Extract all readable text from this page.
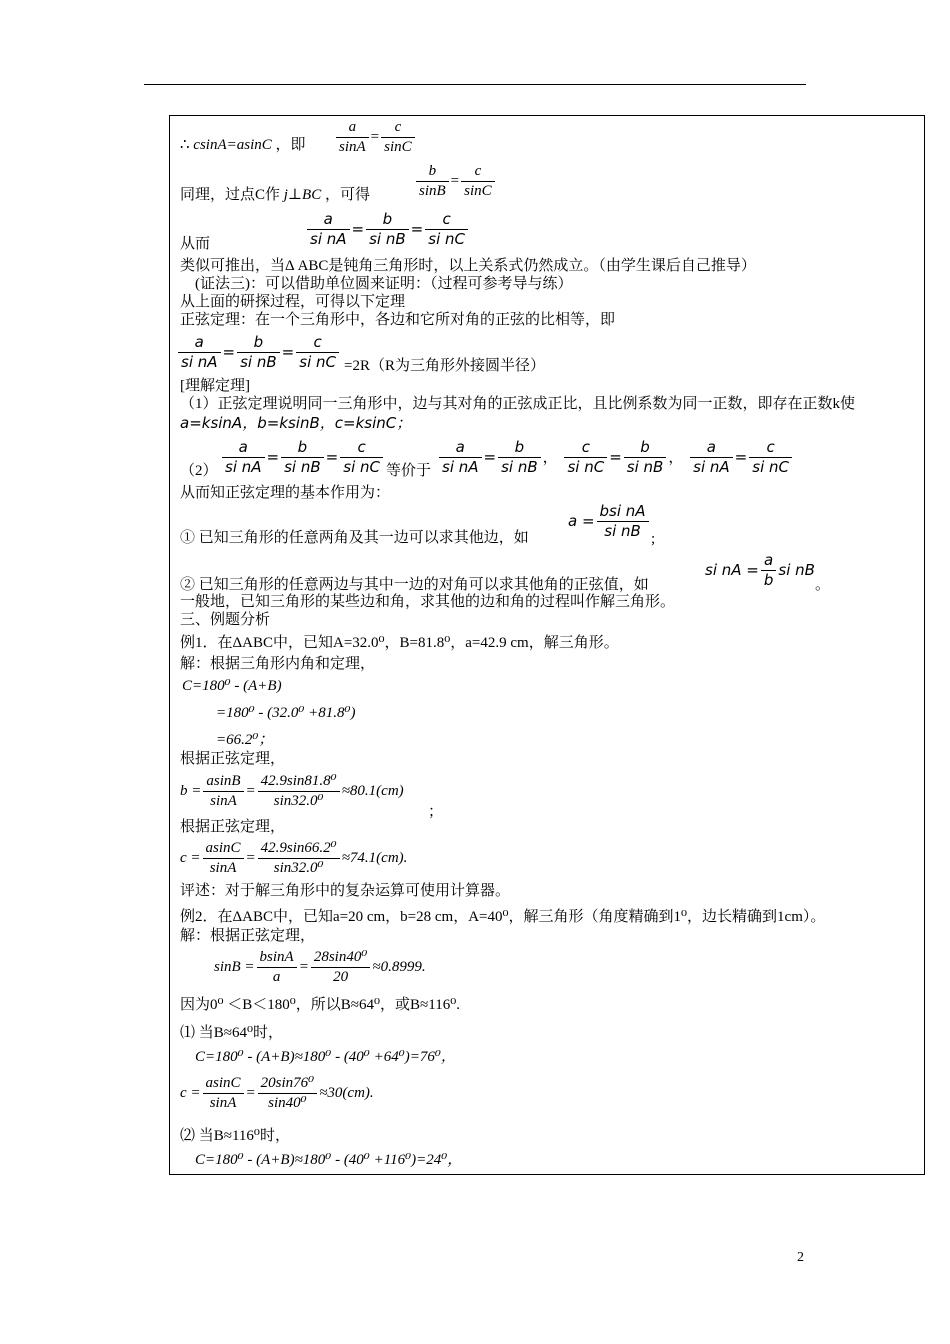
∴ csinA=asinC ，即 $\frac{a}{\sin A} = \frac{c}{\sin C}$
同理，过点C作 j⊥BC ，可得	$\frac{b}{\sin B} = \frac{c}{\sin C}$
从而	$\frac{a}{\text{si nA}} = \frac{b}{\text{si nB}} = \frac{c}{\text{si nC}}$
类似可推出，当Δ ABC是钝角三角形时，以上关系式仍然成立。（由学生课后自己推导）
(证法三)：可以借助单位圆来证明：（过程可参考导与练）
从上面的研探过程，可得以下定理
正弦定理：在一个三角形中，各边和它所对角的正弦的比相等，即
$\frac{a}{\text{si nA}} = \frac{b}{\text{si nB}} = \frac{c}{\text{si nC}} =2R(R$为三角形外接圆半径）
[理解定理]
（1）正弦定理说明同一三角形中，边与其对角的正弦成正比，且比例系数为同一正数，即存在正数k使
a=ksinA，b=ksinB，c=ksinC；
$(2) \frac{a}{\text{si nA}} = \frac{b}{\text{si nB}} = \frac{c}{\text{si nC}}$ 等价于 $\frac{a}{\text{si nA}} = \frac{b}{\text{si nB}}$ ， $\frac{c}{\text{si nC}} = \frac{b}{\text{si nB}}$ ， $\frac{a}{\text{si nA}} = \frac{c}{\text{si nC}}$
从而知正弦定理的基本作用为：
① 已知三角形的任意两角及其一边可以求其他边，如
$a = \frac{\text{bsi nA}}{\text{si nB}}$ ;
② 已知三角形的任意两边与其中一边的对角可以求其他角的正弦值，如
si nA = $\frac{a}{b}$ si nB
。
一般地，已知三角形的某些边和角，求其他的边和角的过程叫作解三角形。
三、例题分析
例1．在ΔABC中，已知A=32.0⁰，B=81.8⁰，a=42.9 cm，解三角形。
解：根据三角形内角和定理，
C=180⁰ - (A+B)
=180⁰ - (32.0⁰ +81.8⁰)
=66.2⁰；
根据正弦定理，
$b = \frac{asinB}{\sin A} = \frac{\text{42.9sin81.8⁰}}{\text{sin32.0⁰}} \approx 80.1(cm)$
；
根据正弦定理，
$c = \frac{asinC}{\sin A} = \frac{\text{42.9sin66.2⁰}}{\text{sin32.0⁰}} \approx 74.1(cm)$.
评述：对于解三角形中的复杂运算可使用计算器。
例2．在ΔABC中，已知a=20 cm，b=28 cm，A=40⁰，解三角形（角度精确到1⁰，边长精确到1cm）。
解：根据正弦定理，
$\sin B = \frac{bsinA}{a} = \frac{\text{28sin40⁰}}{20} \approx 0.8999$.
因为0⁰ ＜B＜180⁰，所以B≈64⁰，或B≈116⁰.
⑴ 当B≈64⁰时，
C=180⁰ - (A+B)≈180⁰ - (40⁰ +64⁰)=76⁰，
$c = \frac{asinC}{\sin A} = \frac{\text{20sin76⁰}}{\text{sin40⁰}} \approx 30(cm)$.
⑵ 当B≈116⁰时，
C=180⁰ - (A+B)≈180⁰ - (40⁰ +116⁰)=24⁰，
2
